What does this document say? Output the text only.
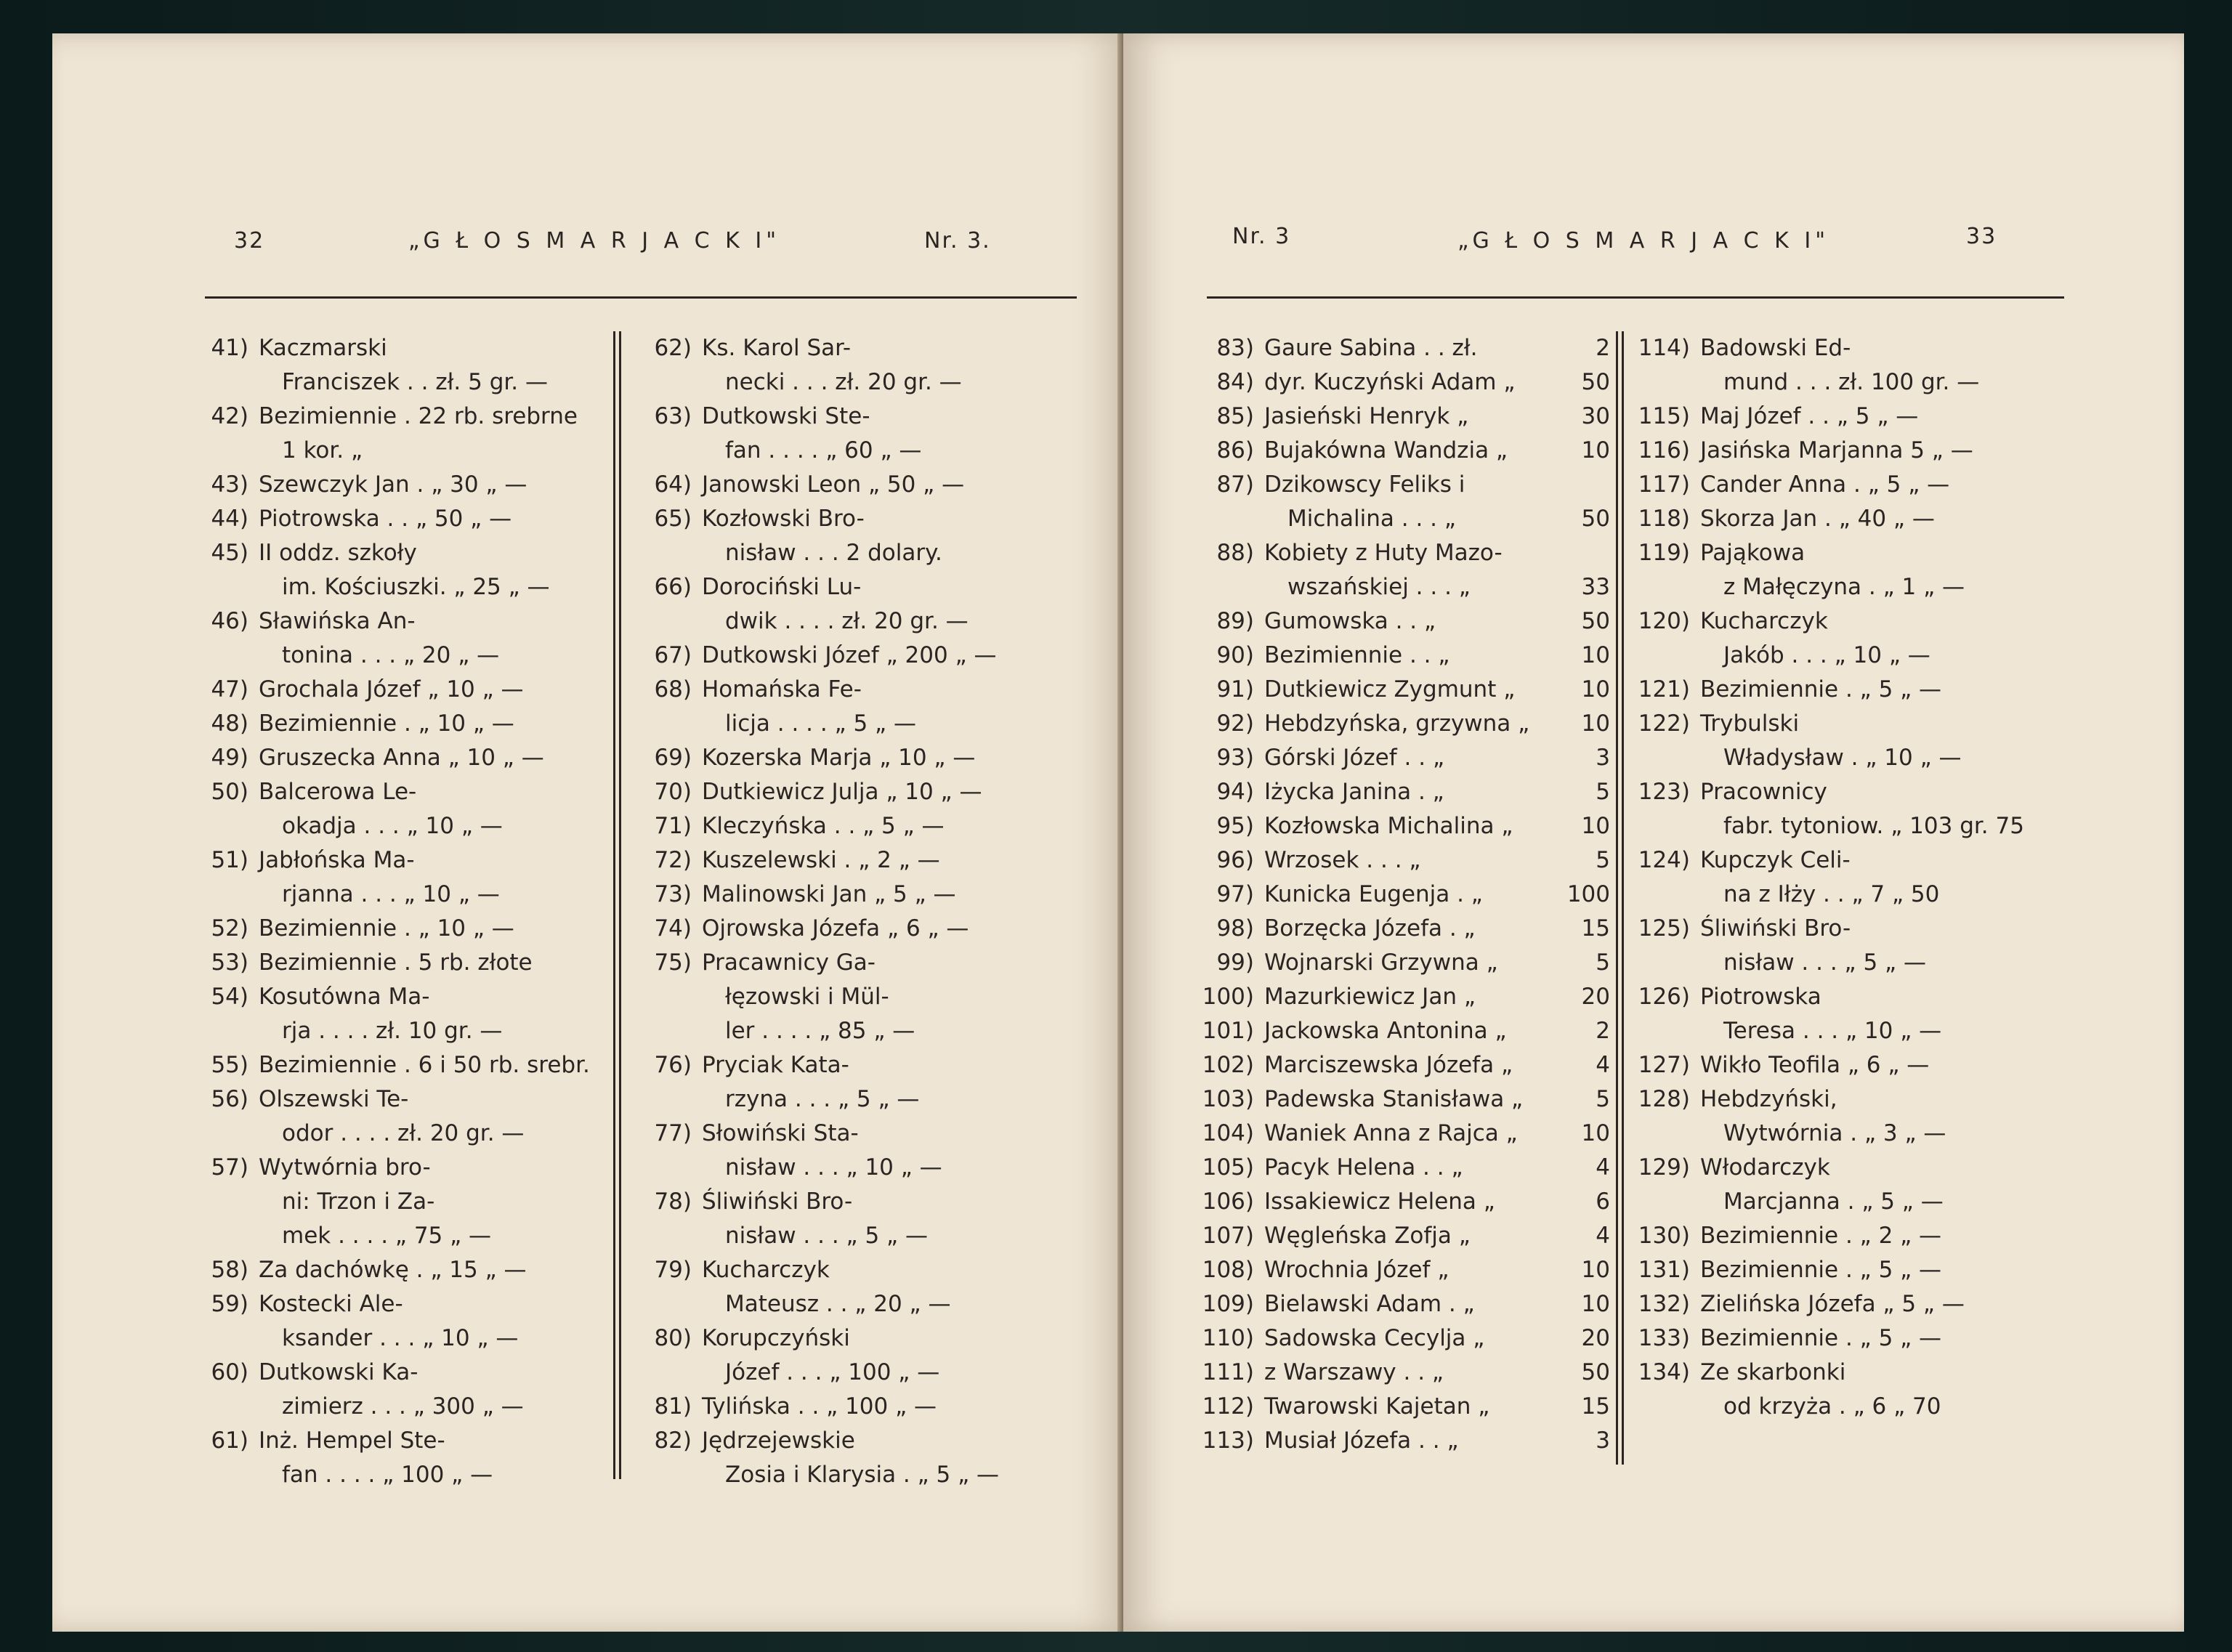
32	„G Ł O S M A R J A C K I"	Nr. 3.
41) Kaczmarski
Franciszek . . zł. 5 gr. —
42) Bezimiennie . 22 rb. srebrne
1 kor. „
43) Szewczyk Jan . „ 30 „ —
44) Piotrowska . . „ 50 „ —
45) II oddz. szkoły
im. Kościuszki. „ 25 „ —
46) Sławińska An-
tonina . . . „ 20 „ —
47) Grochala Józef „ 10 „ —
48) Bezimiennie . „ 10 „ —
49) Gruszecka Anna „ 10 „ —
50) Balcerowa Le-
okadja . . . „ 10 „ —
51) Jabłońska Ma-
rjanna . . . „ 10 „ —
52) Bezimiennie . „ 10 „ —
53) Bezimiennie . 5 rb. złote
54) Kosutówna Ma-
rja . . . . zł. 10 gr. —
55) Bezimiennie . 6 i 50 rb. srebr.
56) Olszewski Te-
odor . . . . zł. 20 gr. —
57) Wytwórnia bro-
ni: Trzon i Za-
mek . . . . „ 75 „ —
58) Za dachówkę . „ 15 „ —
59) Kostecki Ale-
ksander . . . „ 10 „ —
60) Dutkowski Ka-
zimierz . . . „ 300 „ —
61) Inż. Hempel Ste-
fan . . . . „ 100 „ —
62) Ks. Karol Sar-
necki . . . zł. 20 gr. —
63) Dutkowski Ste-
fan . . . . „ 60 „ —
64) Janowski Leon „ 50 „ —
65) Kozłowski Bro-
nisław . . . 2 dolary.
66) Dorociński Lu-
dwik . . . . zł. 20 gr. —
67) Dutkowski Józef „ 200 „ —
68) Homańska Fe-
licja . . . . „ 5 „ —
69) Kozerska Marja „ 10 „ —
70) Dutkiewicz Julja „ 10 „ —
71) Kleczyńska . . „ 5 „ —
72) Kuszelewski . „ 2 „ —
73) Malinowski Jan „ 5 „ —
74) Ojrowska Józefa „ 6 „ —
75) Pracawnicy Ga-
łęzowski i Mül-
ler . . . . „ 85 „ —
76) Pryciak Kata-
rzyna . . . „ 5 „ —
77) Słowiński Sta-
nisław . . . „ 10 „ —
78) Śliwiński Bro-
nisław . . . „ 5 „ —
79) Kucharczyk
Mateusz . . „ 20 „ —
80) Korupczyński
Józef . . . „ 100 „ —
81) Tylińska . . „ 100 „ —
82) Jędrzejewskie
Zosia i Klarysia . „ 5 „ —
Nr. 3	„G Ł O S M A R J A C K I"	33
83) Gaure Sabina . . zł.	2
84) dyr. Kuczyński Adam „	50
85) Jasieński Henryk „	30
86) Bujakówna Wandzia „	10
87) Dzikowscy Feliks i
Michalina . . . „	50
88) Kobiety z Huty Mazo-
wszańskiej . . . „	33
89) Gumowska . . „	50
90) Bezimiennie . . „	10
91) Dutkiewicz Zygmunt „	10
92) Hebdzyńska, grzywna „ 10
93) Górski Józef . . „	3
94) Iżycka Janina . „	5
95) Kozłowska Michalina „	10
96) Wrzosek . . . „	5
97) Kunicka Eugenja . „	100
98) Borzęcka Józefa . „	15
99) Wojnarski Grzywna „	5
100) Mazurkiewicz Jan „	20
101) Jackowska Antonina „	2
102) Marciszewska Józefa „	4
103) Padewska Stanisława „	5
104) Waniek Anna z Rajca „	10
105) Pacyk Helena . . „	4
106) Issakiewicz Helena „	6
107) Węgleńska Zofja „	4
108) Wrochnia Józef „	10
109) Bielawski Adam . „	10
110) Sadowska Cecylja „	20
111) z Warszawy . . „	50
112) Twarowski Kajetan „	15
113) Musiał Józefa . . „	3
114) Badowski Ed-
mund . . . zł. 100 gr. —
115) Maj Józef . . „ 5 „ —
116) Jasińska Marjanna 5 „ —
117) Cander Anna . „ 5 „ —
118) Skorza Jan . „ 40 „ —
119) Pająkowa
z Małęczyna . „ 1 „ —
120) Kucharczyk
Jakób . . . „ 10 „ —
121) Bezimiennie . „ 5 „ —
122) Trybulski
Władysław . „ 10 „ —
123) Pracownicy
fabr. tytoniow. „ 103 gr. 75
124) Kupczyk Celi-
na z Iłży . . „ 7 „ 50
125) Śliwiński Bro-
nisław . . . „ 5 „ —
126) Piotrowska
Teresa . . . „ 10 „ —
127) Wikło Teofila „ 6 „ —
128) Hebdzyński,
Wytwórnia . „ 3 „ —
129) Włodarczyk
Marcjanna . „ 5 „ —
130) Bezimiennie . „ 2 „ —
131) Bezimiennie . „ 5 „ —
132) Zielińska Józefa „ 5 „ —
133) Bezimiennie . „ 5 „ —
134) Ze skarbonki
od krzyża . „ 6 „ 70
